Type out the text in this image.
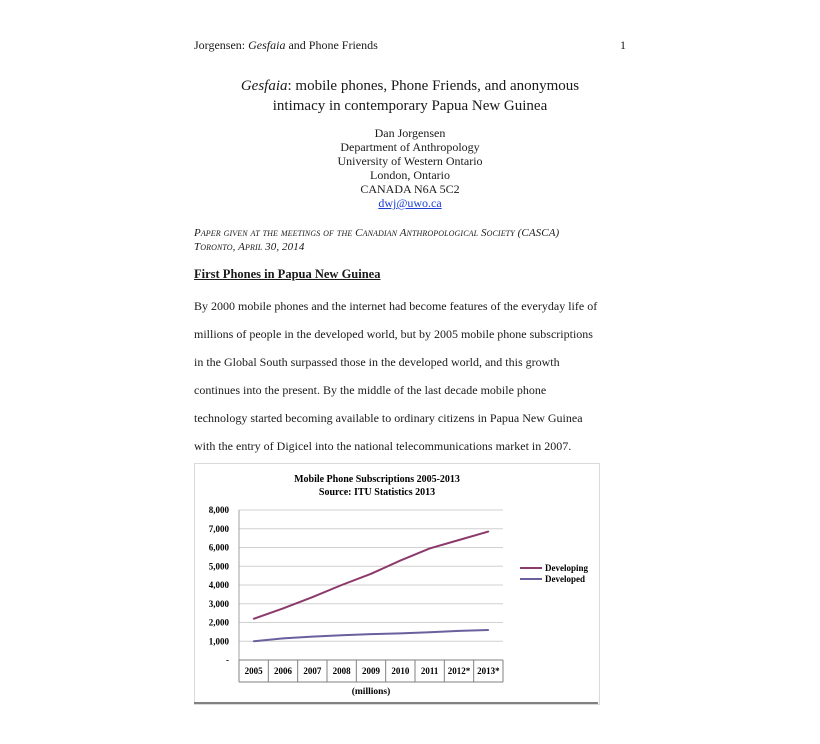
Jorgensen: Gesfaia and Phone Friends	1
Gesfaia: mobile phones, Phone Friends, and anonymous
intimacy in contemporary Papua New Guinea
Dan Jorgensen
Department of Anthropology
University of Western Ontario
London, Ontario
CANADA N6A 5C2
dwj@uwo.ca
Paper given at the meetings of the Canadian Anthropological Society (CASCA)
Toronto, April 30, 2014
First Phones in Papua New Guinea
By 2000 mobile phones and the internet had become features of the everyday life of
millions of people in the developed world, but by 2005 mobile phone subscriptions
in the Global South surpassed those in the developed world, and this growth
continues into the present. By the middle of the last decade mobile phone
technology started becoming available to ordinary citizens in Papua New Guinea
with the entry of Digicel into the national telecommunications market in 2007.
Mobile Phone Subscriptions 2005-2013
Source: ITU Statistics 2013
-
1,000
2,000
3,000
4,000
5,000
6,000
7,000
8,000
2005 2006 2007 2008 2009 2010 2011 2012* 2013*
Developing
Developed
(millions)
